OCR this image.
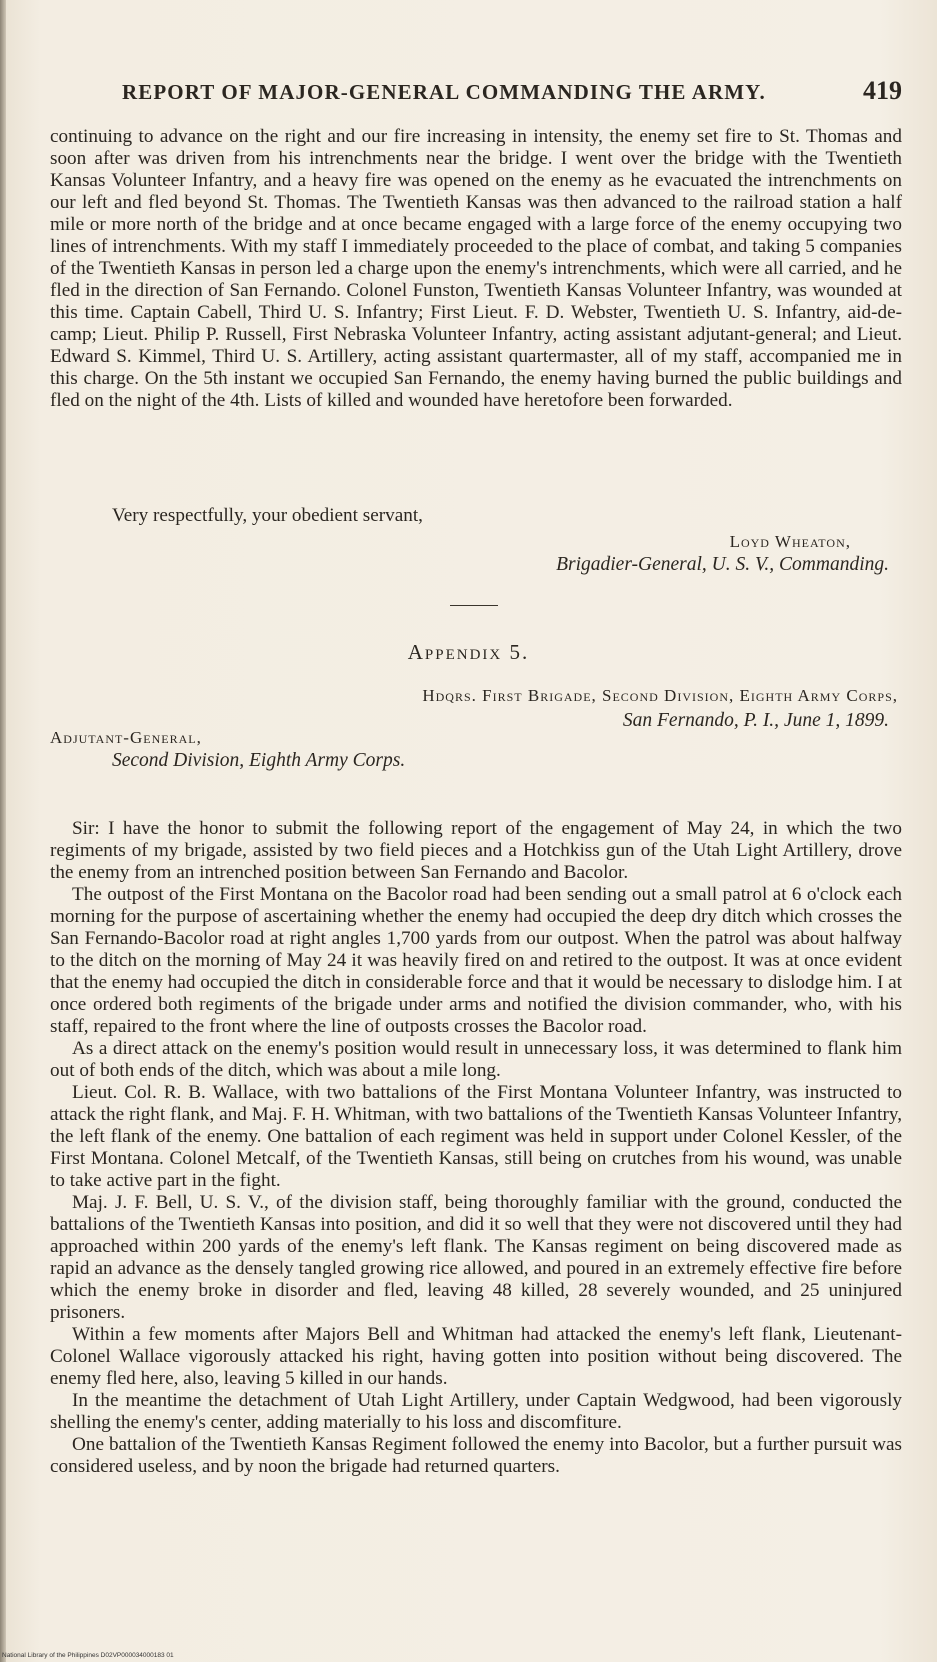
REPORT OF MAJOR-GENERAL COMMANDING THE ARMY.	419

continuing to advance on the right and our fire increasing in intensity, the enemy set fire to St. Thomas and soon after was driven from his intrenchments near the bridge. I went over the bridge with the Twentieth Kansas Volunteer Infantry, and a heavy fire was opened on the enemy as he evacuated the intrenchments on our left and fled beyond St. Thomas. The Twentieth Kansas was then advanced to the railroad station a half mile or more north of the bridge and at once became engaged with a large force of the enemy occupying two lines of intrenchments. With my staff I immediately proceeded to the place of combat, and taking 5 companies of the Twentieth Kansas in person led a charge upon the enemy's intrenchments, which were all carried, and he fled in the direction of San Fernando. Colonel Funston, Twentieth Kansas Volunteer Infantry, was wounded at this time. Captain Cabell, Third U. S. Infantry; First Lieut. F. D. Webster, Twentieth U. S. Infantry, aid-de-camp; Lieut. Philip P. Russell, First Nebraska Volunteer Infantry, acting assistant adjutant-general; and Lieut. Edward S. Kimmel, Third U. S. Artillery, acting assistant quartermaster, all of my staff, accompanied me in this charge. On the 5th instant we occupied San Fernando, the enemy having burned the public buildings and fled on the night of the 4th. Lists of killed and wounded have heretofore been forwarded.

Very respectfully, your obedient servant,
Loyd Wheaton,
Brigadier-General, U. S. V., Commanding.
Appendix 5.
Hdqrs. First Brigade, Second Division, Eighth Army Corps,
San Fernando, P. I., June 1, 1899.
Adjutant-General,
Second Division, Eighth Army Corps.

Sir: I have the honor to submit the following report of the engagement of May 24, in which the two regiments of my brigade, assisted by two field pieces and a Hotchkiss gun of the Utah Light Artillery, drove the enemy from an intrenched position between San Fernando and Bacolor.

The outpost of the First Montana on the Bacolor road had been sending out a small patrol at 6 o'clock each morning for the purpose of ascertaining whether the enemy had occupied the deep dry ditch which crosses the San Fernando-Bacolor road at right angles 1,700 yards from our outpost. When the patrol was about halfway to the ditch on the morning of May 24 it was heavily fired on and retired to the outpost. It was at once evident that the enemy had occupied the ditch in considerable force and that it would be necessary to dislodge him. I at once ordered both regiments of the brigade under arms and notified the division commander, who, with his staff, repaired to the front where the line of outposts crosses the Bacolor road.

As a direct attack on the enemy's position would result in unnecessary loss, it was determined to flank him out of both ends of the ditch, which was about a mile long.

Lieut. Col. R. B. Wallace, with two battalions of the First Montana Volunteer Infantry, was instructed to attack the right flank, and Maj. F. H. Whitman, with two battalions of the Twentieth Kansas Volunteer Infantry, the left flank of the enemy. One battalion of each regiment was held in support under Colonel Kessler, of the First Montana. Colonel Metcalf, of the Twentieth Kansas, still being on crutches from his wound, was unable to take active part in the fight.

Maj. J. F. Bell, U. S. V., of the division staff, being thoroughly familiar with the ground, conducted the battalions of the Twentieth Kansas into position, and did it so well that they were not discovered until they had approached within 200 yards of the enemy's left flank. The Kansas regiment on being discovered made as rapid an advance as the densely tangled growing rice allowed, and poured in an extremely effective fire before which the enemy broke in disorder and fled, leaving 48 killed, 28 severely wounded, and 25 uninjured prisoners.

Within a few moments after Majors Bell and Whitman had attacked the enemy's left flank, Lieutenant-Colonel Wallace vigorously attacked his right, having gotten into position without being discovered. The enemy fled here, also, leaving 5 killed in our hands.

In the meantime the detachment of Utah Light Artillery, under Captain Wedgwood, had been vigorously shelling the enemy's center, adding materially to his loss and discomfiture.

One battalion of the Twentieth Kansas Regiment followed the enemy into Bacolor, but a further pursuit was considered useless, and by noon the brigade had returned quarters.

National Library of the Philippines D02VP000034000183 01
